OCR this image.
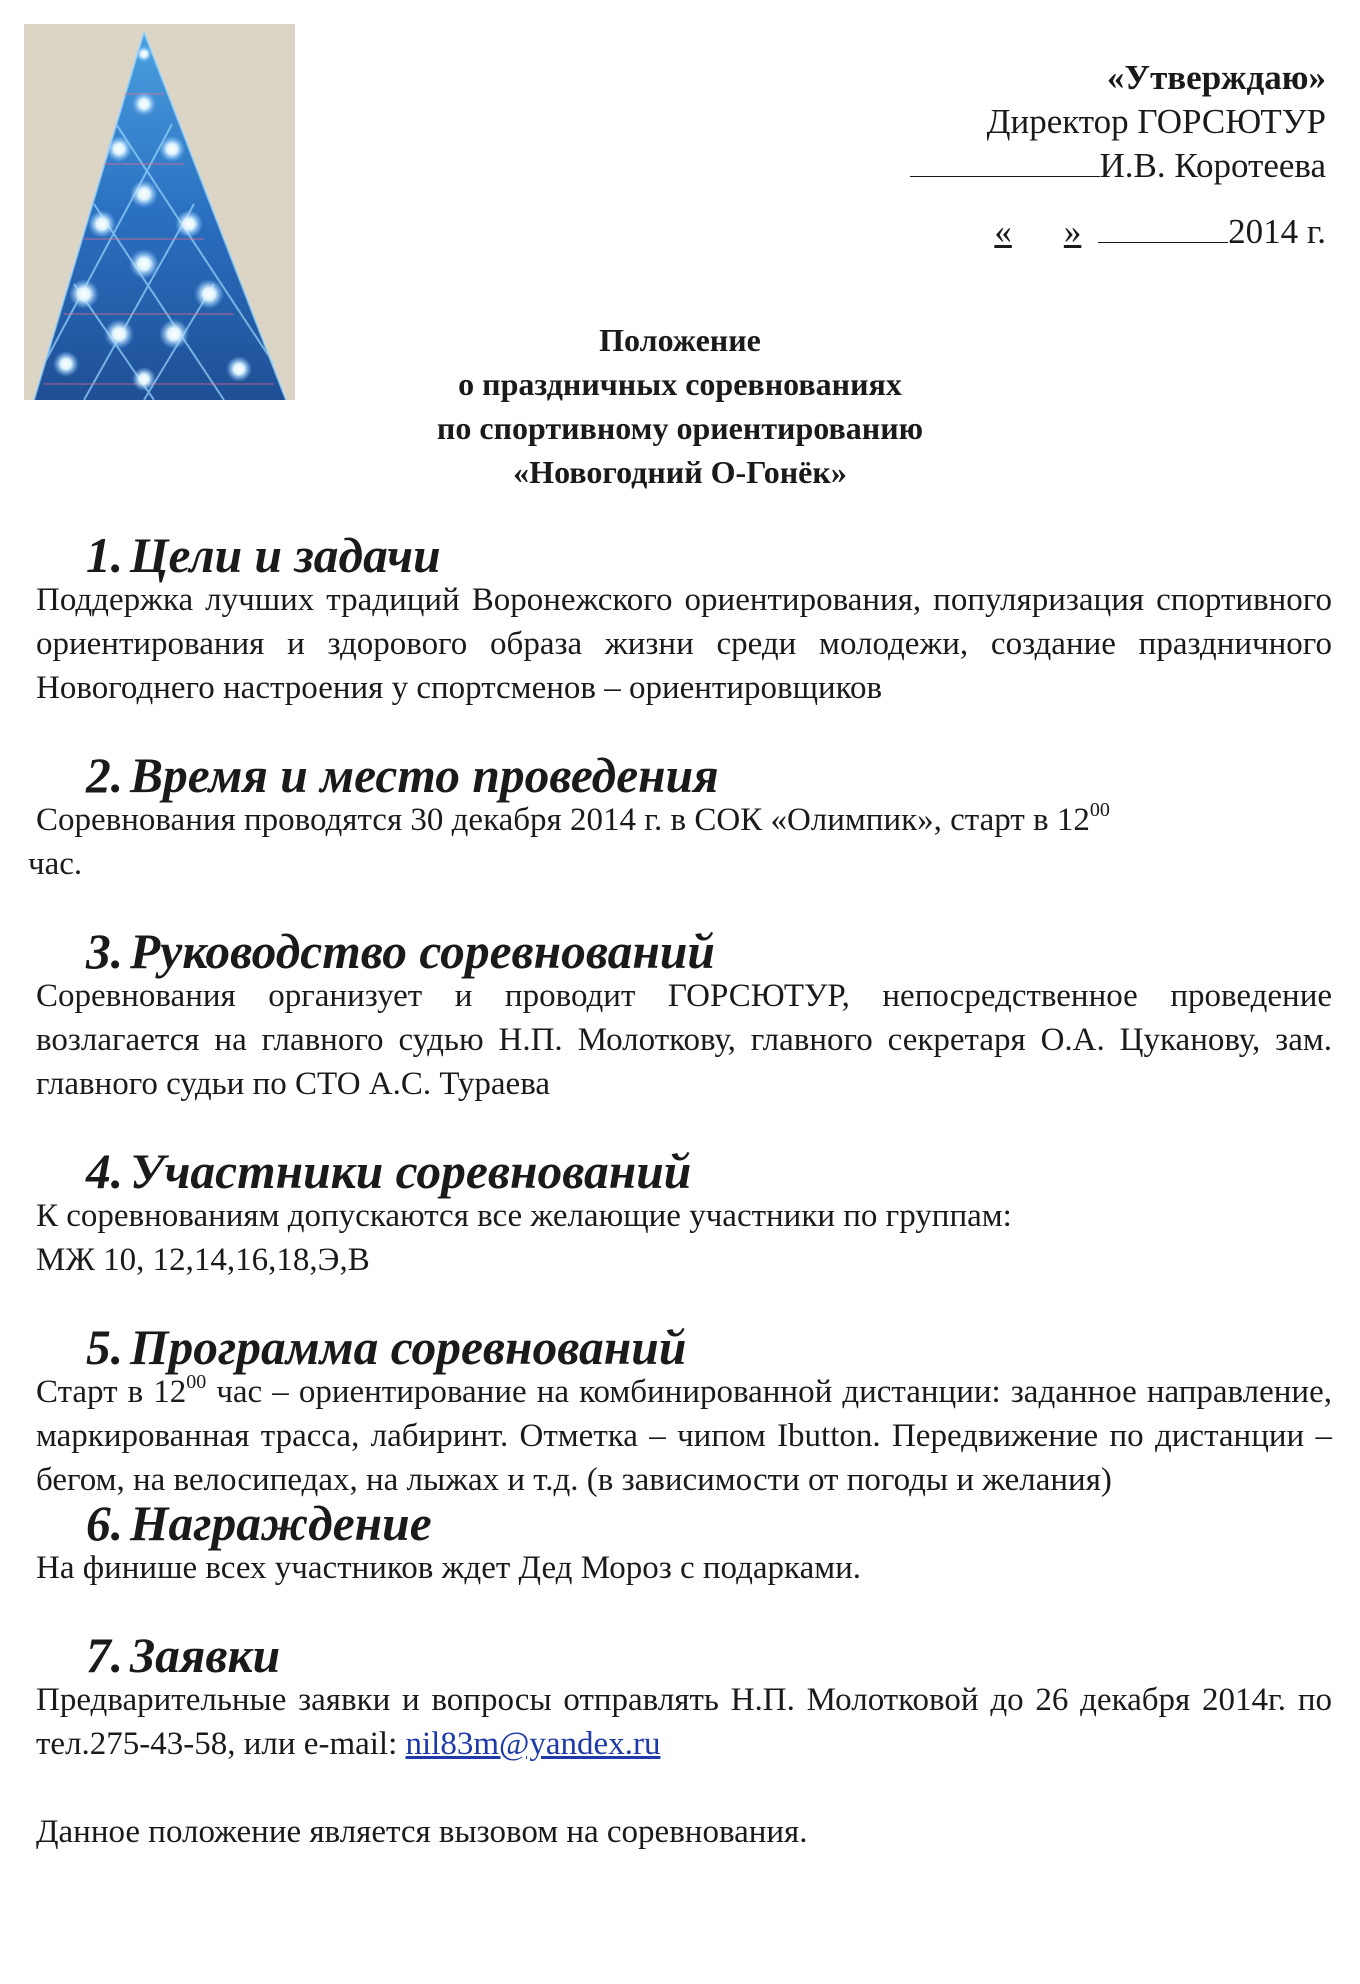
«Утверждаю»
Директор ГОРСЮТУР
И.В. Коротеева
« »	2014 г.
Положение
о праздничных соревнованиях
по спортивному ориентированию
«Новогодний О-Гонёк»
1. Цели и задачи

Поддержка лучших традиций Воронежского ориентирования, популяризация спортивного ориентирования и здорового образа жизни среди молодежи, создание праздничного Новогоднего настроения у спортсменов – ориентировщиков

2. Время и место проведения

Соревнования проводятся 30 декабря 2014 г. в СОК «Олимпик», старт в $12^{00}$
час.

3. Руководство соревнований

Соревнования организует и проводит ГОРСЮТУР, непосредственное проведение возлагается на главного судью Н.П. Молоткову, главного секретаря О.А. Цуканову, зам. главного судьи по СТО А.С. Тураева

4. Участники соревнований

К соревнованиям допускаются все желающие участники по группам:
МЖ 10, 12,14,16,18,Э,В

5. Программа соревнований

Старт в $12^{00}$ час – ориентирование на комбинированной дистанции: заданное направление, маркированная трасса, лабиринт. Отметка – чипом Ibutton. Передвижение по дистанции – бегом, на велосипедах, на лыжах и т.д. (в зависимости от погоды и желания)

6. Награждение

На финише всех участников ждет Дед Мороз с подарками.

7. Заявки

Предварительные заявки и вопросы отправлять Н.П. Молотковой до 26 декабря 2014г. по тел.275-43-58, или e-mail: nil83m@yandex.ru

Данное положение является вызовом на соревнования.
